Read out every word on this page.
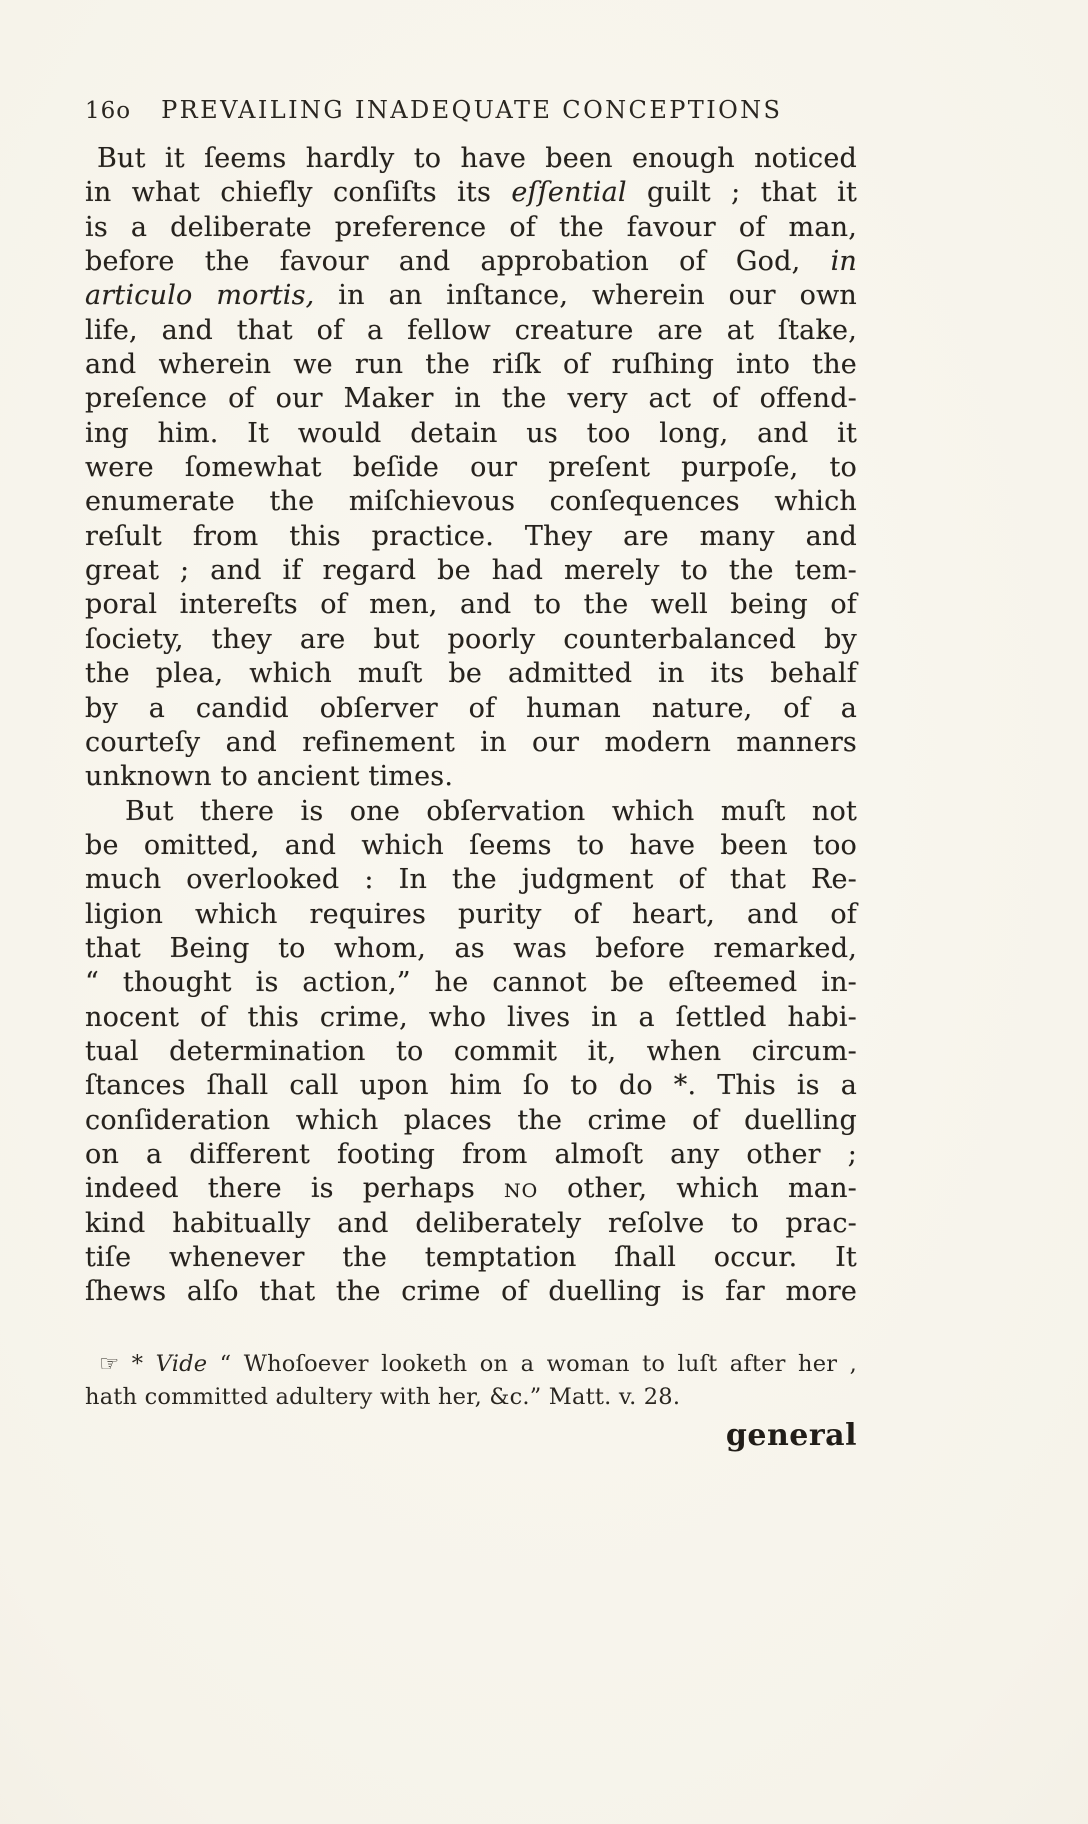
16o PREVAILING INADEQUATE CONCEPTIONS
But it ſeems hardly to have been enough noticed
in what chiefly conſiſts its eſſential guilt ; that it
is a deliberate preference of the favour of man,
before the favour and approbation of God, in
articulo mortis, in an inſtance, wherein our own
life, and that of a fellow creature are at ſtake,
and wherein we run the riſk of ruſhing into the
preſence of our Maker in the very act of offend-
ing him. It would detain us too long, and it
were ſomewhat beſide our preſent purpoſe, to
enumerate the miſchievous conſequences which
reſult from this practice. They are many and
great ; and if regard be had merely to the tem-
poral intereſts of men, and to the well being of
ſociety, they are but poorly counterbalanced by
the plea, which muſt be admitted in its behalf
by a candid obſerver of human nature, of a
courteſy and refinement in our modern manners
unknown to ancient times.
But there is one obſervation which muſt not
be omitted, and which ſeems to have been too
much overlooked : In the judgment of that Re-
ligion which requires purity of heart, and of
that Being to whom, as was before remarked,
“ thought is action,” he cannot be eſteemed in-
nocent of this crime, who lives in a ſettled habi-
tual determination to commit it, when circum-
ſtances ſhall call upon him ſo to do *. This is a
conſideration which places the crime of duelling
on a different footing from almoſt any other ;
indeed there is perhaps no other, which man-
kind habitually and deliberately reſolve to prac-
tiſe whenever the temptation ſhall occur. It
ſhews alſo that the crime of duelling is far more
☞ * Vide “ Whoſoever looketh on a woman to luſt after her ,
hath committed adultery with her, &c.” Matt. v. 28.
general
